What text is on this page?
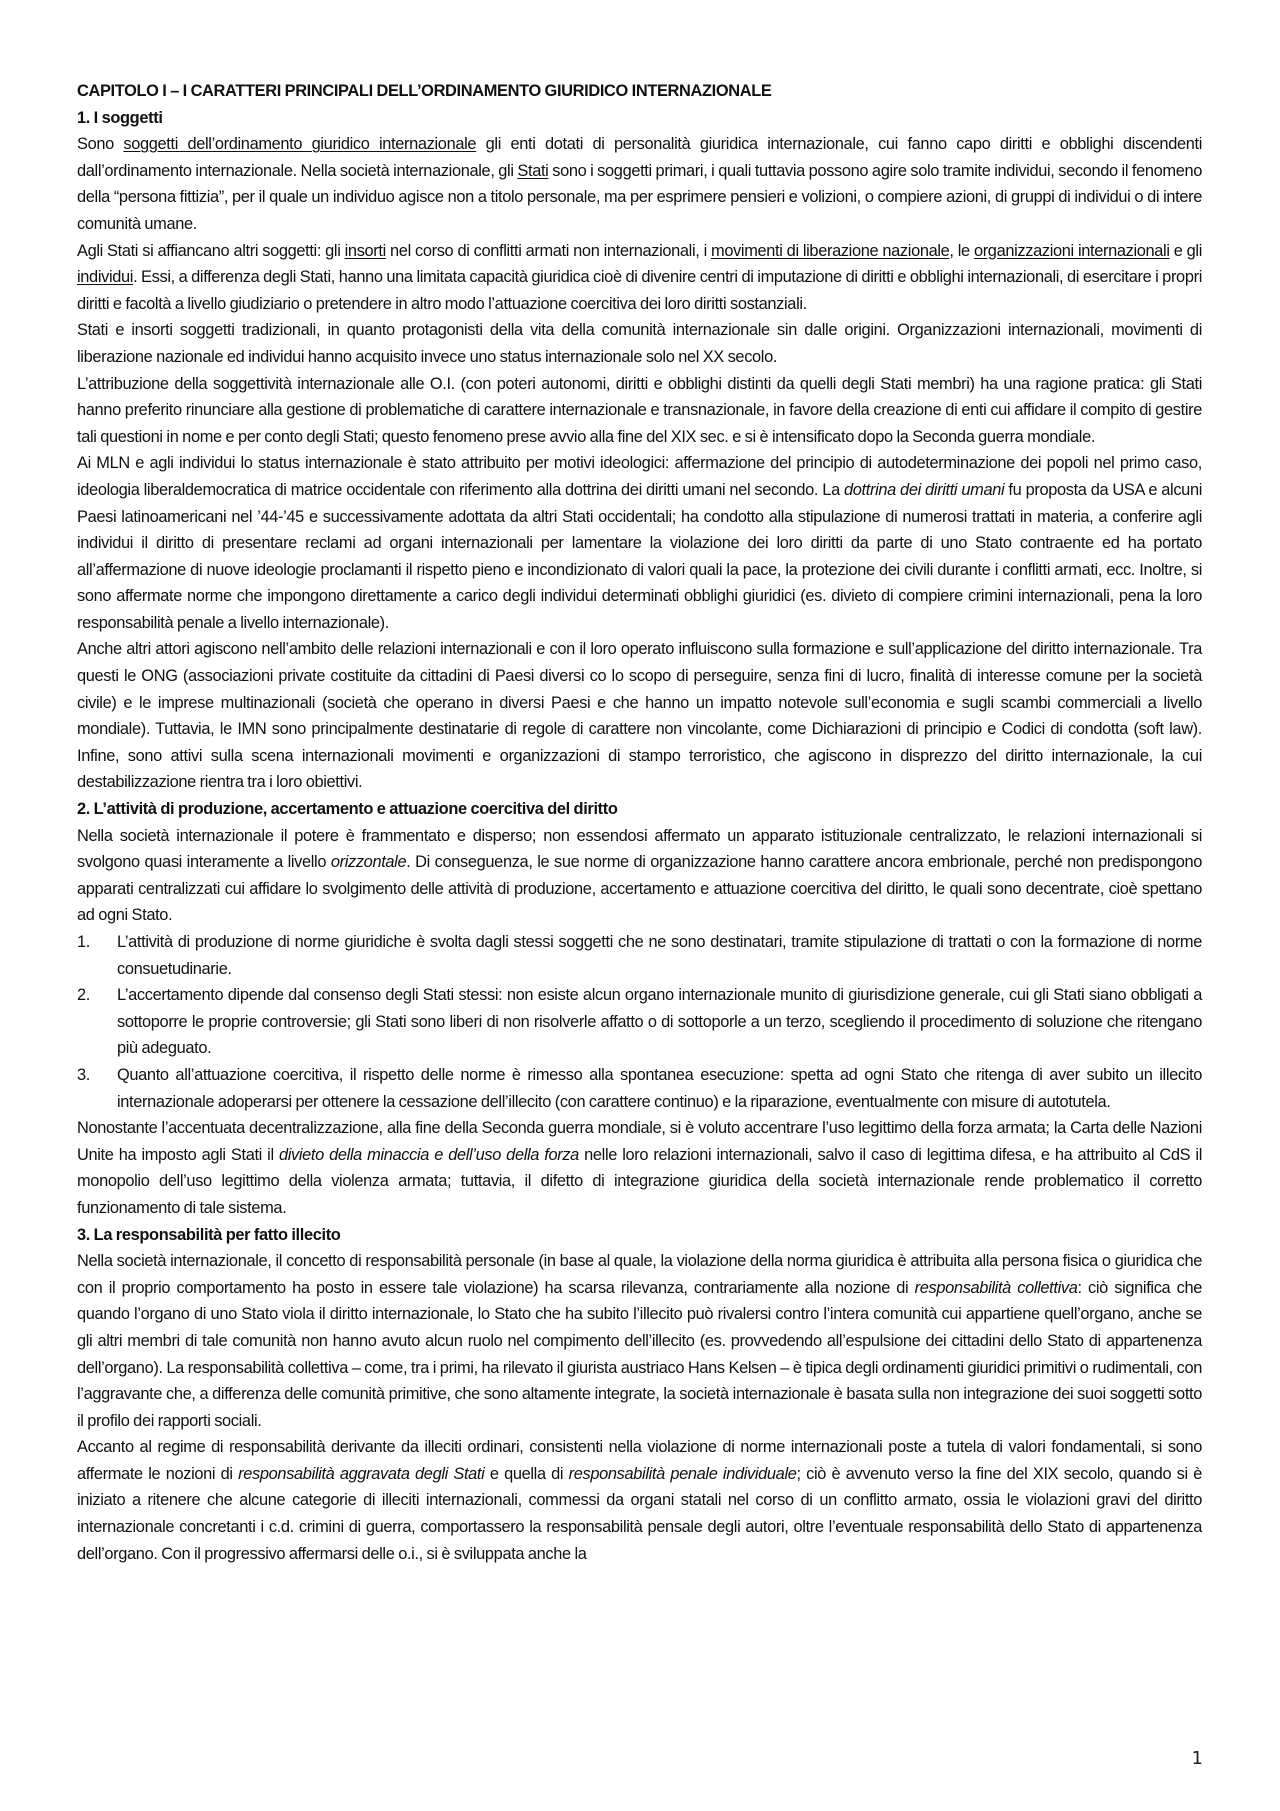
CAPITOLO I – I CARATTERI PRINCIPALI DELL’ORDINAMENTO GIURIDICO INTERNAZIONALE

1. I soggetti

Sono soggetti dell’ordinamento giuridico internazionale gli enti dotati di personalità giuridica internazionale, cui fanno capo diritti e obblighi discendenti dall’ordinamento internazionale. Nella società internazionale, gli Stati sono i soggetti primari, i quali tuttavia possono agire solo tramite individui, secondo il fenomeno della “persona fittizia”, per il quale un individuo agisce non a titolo personale, ma per esprimere pensieri e volizioni, o compiere azioni, di gruppi di individui o di intere comunità umane.

Agli Stati si affiancano altri soggetti: gli insorti nel corso di conflitti armati non internazionali, i movimenti di liberazione nazionale, le organizzazioni internazionali e gli individui. Essi, a differenza degli Stati, hanno una limitata capacità giuridica cioè di divenire centri di imputazione di diritti e obblighi internazionali, di esercitare i propri diritti e facoltà a livello giudiziario o pretendere in altro modo l’attuazione coercitiva dei loro diritti sostanziali.

Stati e insorti soggetti tradizionali, in quanto protagonisti della vita della comunità internazionale sin dalle origini. Organizzazioni internazionali, movimenti di liberazione nazionale ed individui hanno acquisito invece uno status internazionale solo nel XX secolo.

L’attribuzione della soggettività internazionale alle O.I. (con poteri autonomi, diritti e obblighi distinti da quelli degli Stati membri) ha una ragione pratica: gli Stati hanno preferito rinunciare alla gestione di problematiche di carattere internazionale e transnazionale, in favore della creazione di enti cui affidare il compito di gestire tali questioni in nome e per conto degli Stati; questo fenomeno prese avvio alla fine del XIX sec. e si è intensificato dopo la Seconda guerra mondiale.

Ai MLN e agli individui lo status internazionale è stato attribuito per motivi ideologici: affermazione del principio di autodeterminazione dei popoli nel primo caso, ideologia liberaldemocratica di matrice occidentale con riferimento alla dottrina dei diritti umani nel secondo. La dottrina dei diritti umani fu proposta da USA e alcuni Paesi latinoamericani nel ’44-’45 e successivamente adottata da altri Stati occidentali; ha condotto alla stipulazione di numerosi trattati in materia, a conferire agli individui il diritto di presentare reclami ad organi internazionali per lamentare la violazione dei loro diritti da parte di uno Stato contraente ed ha portato all’affermazione di nuove ideologie proclamanti il rispetto pieno e incondizionato di valori quali la pace, la protezione dei civili durante i conflitti armati, ecc. Inoltre, si sono affermate norme che impongono direttamente a carico degli individui determinati obblighi giuridici (es. divieto di compiere crimini internazionali, pena la loro responsabilità penale a livello internazionale).

Anche altri attori agiscono nell’ambito delle relazioni internazionali e con il loro operato influiscono sulla formazione e sull’applicazione del diritto internazionale. Tra questi le ONG (associazioni private costituite da cittadini di Paesi diversi co lo scopo di perseguire, senza fini di lucro, finalità di interesse comune per la società civile) e le imprese multinazionali (società che operano in diversi Paesi e che hanno un impatto notevole sull’economia e sugli scambi commerciali a livello mondiale). Tuttavia, le IMN sono principalmente destinatarie di regole di carattere non vincolante, come Dichiarazioni di principio e Codici di condotta (soft law). Infine, sono attivi sulla scena internazionali movimenti e organizzazioni di stampo terroristico, che agiscono in disprezzo del diritto internazionale, la cui destabilizzazione rientra tra i loro obiettivi.

2. L’attività di produzione, accertamento e attuazione coercitiva del diritto

Nella società internazionale il potere è frammentato e disperso; non essendosi affermato un apparato istituzionale centralizzato, le relazioni internazionali si svolgono quasi interamente a livello orizzontale. Di conseguenza, le sue norme di organizzazione hanno carattere ancora embrionale, perché non predispongono apparati centralizzati cui affidare lo svolgimento delle attività di produzione, accertamento e attuazione coercitiva del diritto, le quali sono decentrate, cioè spettano ad ogni Stato.

1. L’attività di produzione di norme giuridiche è svolta dagli stessi soggetti che ne sono destinatari, tramite stipulazione di trattati o con la formazione di norme consuetudinarie.
2. L’accertamento dipende dal consenso degli Stati stessi: non esiste alcun organo internazionale munito di giurisdizione generale, cui gli Stati siano obbligati a sottoporre le proprie controversie; gli Stati sono liberi di non risolverle affatto o di sottoporle a un terzo, scegliendo il procedimento di soluzione che ritengano più adeguato.
3. Quanto all’attuazione coercitiva, il rispetto delle norme è rimesso alla spontanea esecuzione: spetta ad ogni Stato che ritenga di aver subito un illecito internazionale adoperarsi per ottenere la cessazione dell’illecito (con carattere continuo) e la riparazione, eventualmente con misure di autotutela.

Nonostante l’accentuata decentralizzazione, alla fine della Seconda guerra mondiale, si è voluto accentrare l’uso legittimo della forza armata; la Carta delle Nazioni Unite ha imposto agli Stati il divieto della minaccia e dell’uso della forza nelle loro relazioni internazionali, salvo il caso di legittima difesa, e ha attribuito al CdS il monopolio dell’uso legittimo della violenza armata; tuttavia, il difetto di integrazione giuridica della società internazionale rende problematico il corretto funzionamento di tale sistema.

3. La responsabilità per fatto illecito

Nella società internazionale, il concetto di responsabilità personale (in base al quale, la violazione della norma giuridica è attribuita alla persona fisica o giuridica che con il proprio comportamento ha posto in essere tale violazione) ha scarsa rilevanza, contrariamente alla nozione di responsabilità collettiva: ciò significa che quando l’organo di uno Stato viola il diritto internazionale, lo Stato che ha subito l’illecito può rivalersi contro l’intera comunità cui appartiene quell’organo, anche se gli altri membri di tale comunità non hanno avuto alcun ruolo nel compimento dell’illecito (es. provvedendo all’espulsione dei cittadini dello Stato di appartenenza dell’organo). La responsabilità collettiva – come, tra i primi, ha rilevato il giurista austriaco Hans Kelsen – è tipica degli ordinamenti giuridici primitivi o rudimentali, con l’aggravante che, a differenza delle comunità primitive, che sono altamente integrate, la società internazionale è basata sulla non integrazione dei suoi soggetti sotto il profilo dei rapporti sociali.

Accanto al regime di responsabilità derivante da illeciti ordinari, consistenti nella violazione di norme internazionali poste a tutela di valori fondamentali, si sono affermate le nozioni di responsabilità aggravata degli Stati e quella di responsabilità penale individuale; ciò è avvenuto verso la fine del XIX secolo, quando si è iniziato a ritenere che alcune categorie di illeciti internazionali, commessi da organi statali nel corso di un conflitto armato, ossia le violazioni gravi del diritto internazionale concretanti i c.d. crimini di guerra, comportassero la responsabilità pensale degli autori, oltre l’eventuale responsabilità dello Stato di appartenenza dell’organo. Con il progressivo affermarsi delle o.i., si è sviluppata anche la

1
